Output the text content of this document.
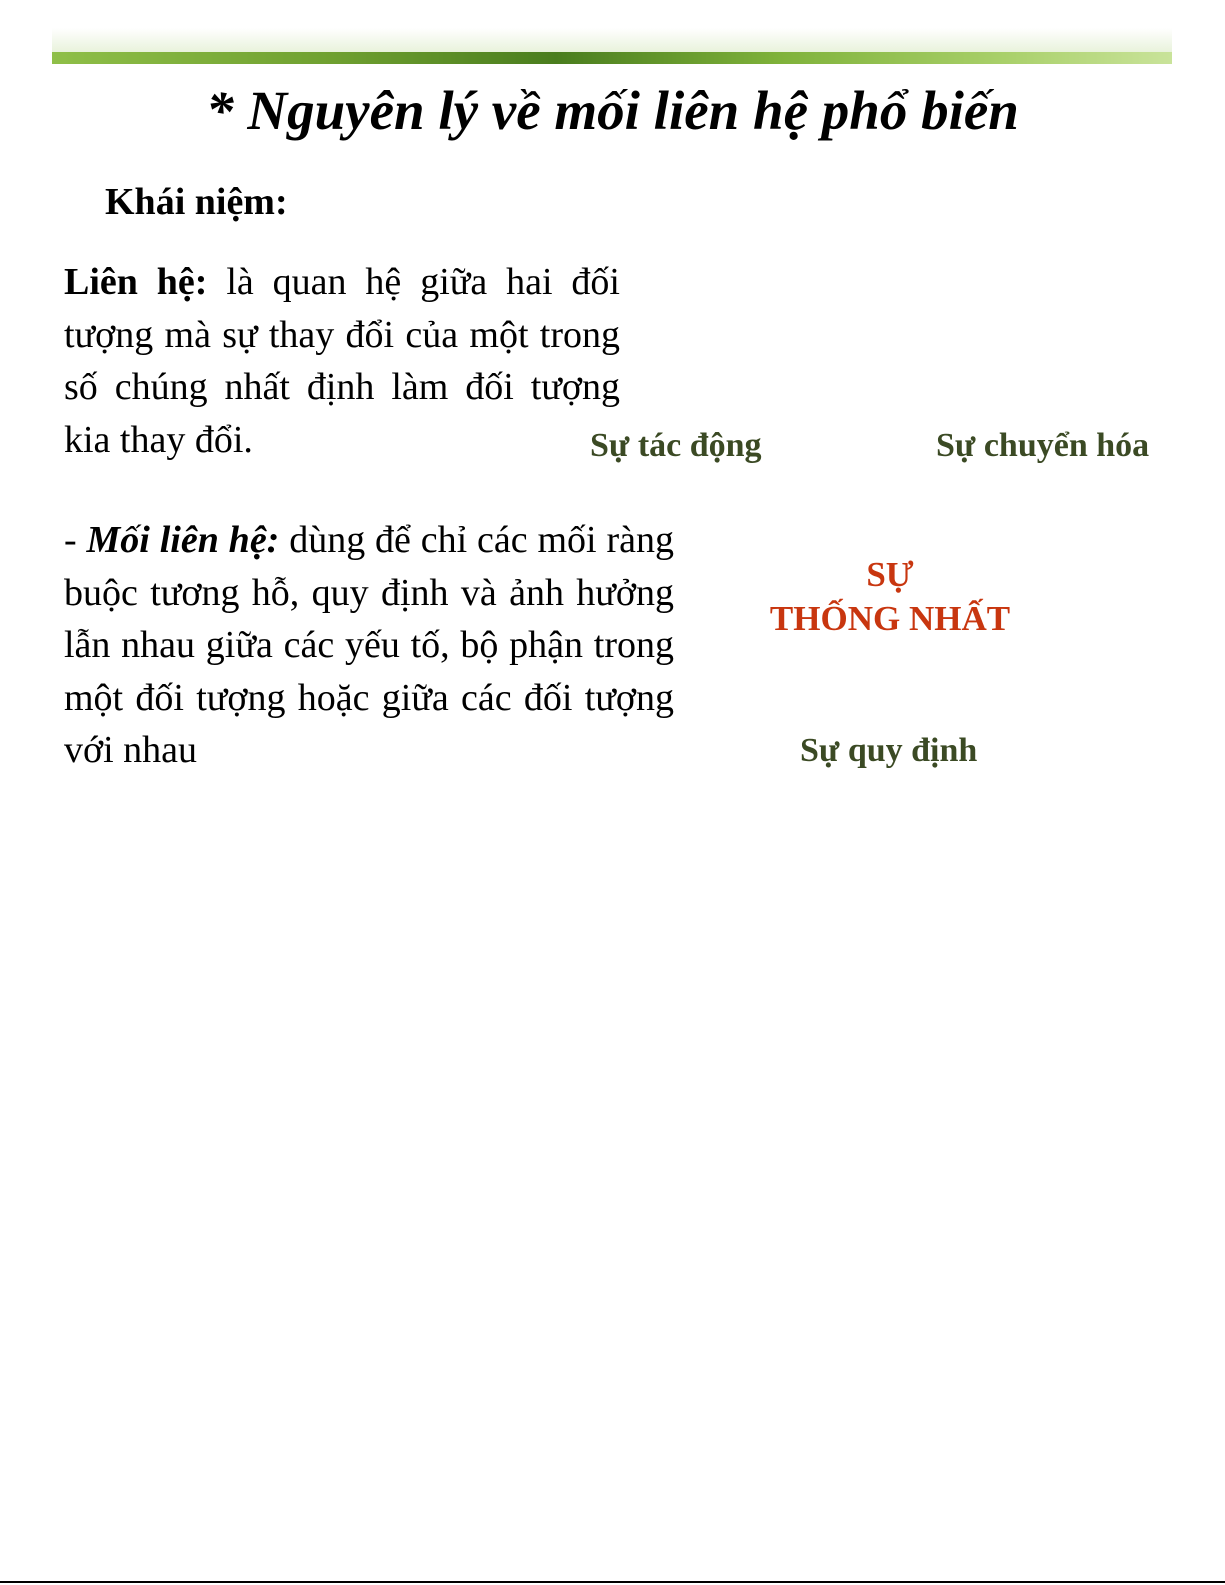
* Nguyên lý về mối liên hệ phổ biến
Khái niệm:

Liên hệ: là quan hệ giữa hai đối tượng mà sự thay đổi của một trong số chúng nhất định làm đối tượng kia thay đổi.

- Mối liên hệ: dùng để chỉ các mối ràng buộc tương hỗ, quy định và ảnh hưởng lẫn nhau giữa các yếu tố, bộ phận trong một đối tượng hoặc giữa các đối tượng với nhau

Sự tác động	Sự chuyển hóa
SỰ
THỐNG NHẤT
Sự quy định
